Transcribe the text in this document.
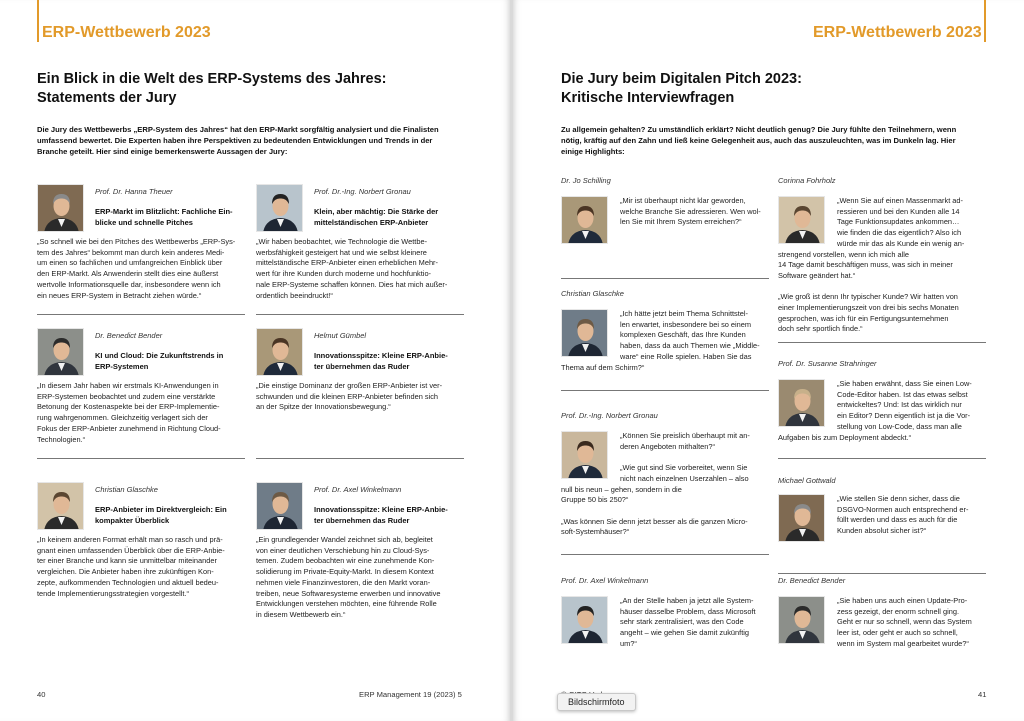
ERP-Wettbewerb 2023
Ein Blick in die Welt des ERP-Systems des Jahres:
Statements der Jury
Die Jury des Wettbewerbs „ERP-System des Jahres“ hat den ERP-Markt sorgfältig analysiert und die Finalisten
umfassend bewertet. Die Experten haben ihre Perspektiven zu bedeutenden Entwicklungen und Trends in der
Branche geteilt. Hier sind einige bemerkenswerte Aussagen der Jury:
Prof. Dr. Hanna Theuer
ERP-Markt im Blitzlicht: Fachliche Ein-
blicke und schnelle Pitches
„So schnell wie bei den Pitches des Wettbewerbs „ERP-Sys-
tem des Jahres“ bekommt man durch kein anderes Medi-
um einen so fachlichen und umfangreichen Einblick über
den ERP-Markt. Als Anwenderin stellt dies eine äußerst
wertvolle Informationsquelle dar, insbesondere wenn ich
ein neues ERP-System in Betracht ziehen würde.“
Prof. Dr.-Ing. Norbert Gronau
Klein, aber mächtig: Die Stärke der
mittelständischen ERP-Anbieter
„Wir haben beobachtet, wie Technologie die Wettbe-
werbsfähigkeit gesteigert hat und wie selbst kleinere
mittelständische ERP-Anbieter einen erheblichen Mehr-
wert für ihre Kunden durch moderne und hochfunktio-
nale ERP-Systeme schaffen können. Dies hat mich außer-
ordentlich beeindruckt!“
Dr. Benedict Bender
KI und Cloud: Die Zukunftstrends in
ERP-Systemen
„In diesem Jahr haben wir erstmals KI-Anwendungen in
ERP-Systemen beobachtet und zudem eine verstärkte
Betonung der Kostenaspekte bei der ERP-Implementie-
rung wahrgenommen. Gleichzeitig verlagert sich der
Fokus der ERP-Anbieter zunehmend in Richtung Cloud-
Technologien.“
Helmut Gümbel
Innovationsspitze: Kleine ERP-Anbie-
ter übernehmen das Ruder
„Die einstige Dominanz der großen ERP-Anbieter ist ver-
schwunden und die kleinen ERP-Anbieter befinden sich
an der Spitze der Innovationsbewegung.“
Christian Glaschke
ERP-Anbieter im Direktvergleich: Ein
kompakter Überblick
„In keinem anderen Format erhält man so rasch und prä-
gnant einen umfassenden Überblick über die ERP-Anbie-
ter einer Branche und kann sie unmittelbar miteinander
vergleichen. Die Anbieter haben ihre zukünftigen Kon-
zepte, aufkommenden Technologien und aktuell bedeu-
tende Implementierungsstrategien vorgestellt.“
Prof. Dr. Axel Winkelmann
Innovationsspitze: Kleine ERP-Anbie-
ter übernehmen das Ruder
„Ein grundlegender Wandel zeichnet sich ab, begleitet
von einer deutlichen Verschiebung hin zu Cloud-Sys-
temen. Zudem beobachten wir eine zunehmende Kon-
solidierung im Private-Equity-Markt. In diesem Kontext
nehmen viele Finanzinvestoren, die den Markt voran-
treiben, neue Softwaresysteme erwerben und innovative
Entwicklungen verstehen möchten, eine führende Rolle
in diesem Wettbewerb ein.“
40	ERP Management 19 (2023) 5
ERP-Wettbewerb 2023
Die Jury beim Digitalen Pitch 2023:
Kritische Interviewfragen
Zu allgemein gehalten? Zu umständlich erklärt? Nicht deutlich genug? Die Jury fühlte den Teilnehmern, wenn
nötig, kräftig auf den Zahn und ließ keine Gelegenheit aus, auch das auszuleuchten, was im Dunkeln lag. Hier
einige Highlights:
Dr. Jo Schilling
„Mir ist überhaupt nicht klar geworden,
welche Branche Sie adressieren. Wen wol-
len Sie mit Ihrem System erreichen?“
Corinna Fohrholz
„Wenn Sie auf einen Massenmarkt ad-
ressieren und bei den Kunden alle 14
Tage Funktionsupdates ankommen…
wie finden die das eigentlich? Also ich
würde mir das als Kunde ein wenig an-
strengend vorstellen, wenn ich mich alle
14 Tage damit beschäftigen muss, was sich in meiner
Software geändert hat.“
„Wie groß ist denn Ihr typischer Kunde? Wir hatten von
einer Implementierungszeit von drei bis sechs Monaten
gesprochen, was ich für ein Fertigungsunternehmen
doch sehr sportlich finde.“
Christian Glaschke
„Ich hätte jetzt beim Thema Schnittstel-
len erwartet, insbesondere bei so einem
komplexen Geschäft, das Ihre Kunden
haben, dass da auch Themen wie „Middle-
ware“ eine Rolle spielen. Haben Sie das
Thema auf dem Schirm?“	Prof. Dr. Susanne Strahringer
„Sie haben erwähnt, dass Sie einen Low-
Code-Editor haben. Ist das etwas selbst
entwickeltes? Und: Ist das wirklich nur
ein Editor? Denn eigentlich ist ja die Vor-
stellung von Low-Code, dass man alle
Aufgaben bis zum Deployment abdeckt.“
Prof. Dr.-Ing. Norbert Gronau
„Können Sie preislich überhaupt mit an-
deren Angeboten mithalten?“
„Wie gut sind Sie vorbereitet, wenn Sie
nicht nach einzelnen Userzahlen – also
null bis neun – gehen, sondern in die
Gruppe 50 bis 250?“
„Was können Sie denn jetzt besser als die ganzen Micro-
soft-Systemhäuser?“
Michael Gottwald
„Wie stellen Sie denn sicher, dass die
DSGVO-Normen auch entsprechend er-
füllt werden und dass es auch für die
Kunden absolut sicher ist?“
Prof. Dr. Axel Winkelmann
„An der Stelle haben ja jetzt alle System-
häuser dasselbe Problem, dass Microsoft
sehr stark zentralisiert, was den Code
angeht – wie gehen Sie damit zukünftig
um?“
Dr. Benedict Bender
„Sie haben uns auch einen Update-Pro-
zess gezeigt, der enorm schnell ging.
Geht er nur so schnell, wenn das System
leer ist, oder geht er auch so schnell,
wenn im System mal gearbeitet wurde?“
41
Bildschirmfoto
